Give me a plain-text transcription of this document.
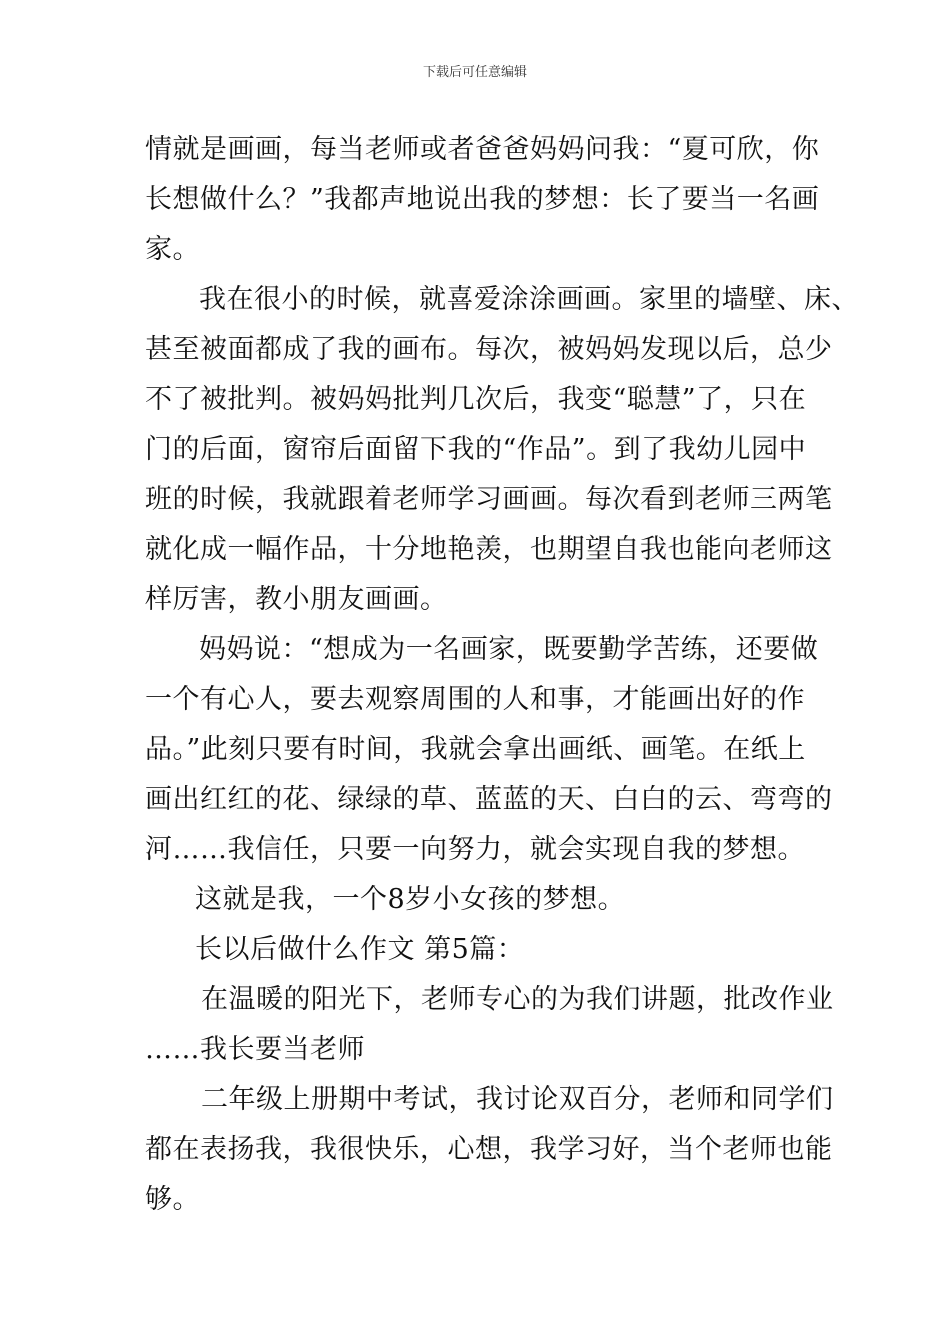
下载后可任意编辑
情就是画画，每当老师或者爸爸妈妈问我：“夏可欣，你
长想做什么？”我都声地说出我的梦想：长了要当一名画
家。
我在很小的时候，就喜爱涂涂画画。家里的墙壁、床、
甚至被面都成了我的画布。每次，被妈妈发现以后，总少
不了被批判。被妈妈批判几次后，我变“聪慧”了，只在
门的后面，窗帘后面留下我的“作品”。到了我幼儿园中
班的时候，我就跟着老师学习画画。每次看到老师三两笔
就化成一幅作品，十分地艳羡，也期望自我也能向老师这
样厉害，教小朋友画画。
妈妈说：“想成为一名画家，既要勤学苦练，还要做
一个有心人，要去观察周围的人和事，才能画出好的作
品。”此刻只要有时间，我就会拿出画纸、画笔。在纸上
画出红红的花、绿绿的草、蓝蓝的天、白白的云、弯弯的
河……我信任，只要一向努力，就会实现自我的梦想。
这就是我，一个8岁小女孩的梦想。
长以后做什么作文 第5篇：
在温暖的阳光下，老师专心的为我们讲题，批改作业
……我长要当老师
二年级上册期中考试，我讨论双百分，老师和同学们
都在表扬我，我很快乐，心想，我学习好，当个老师也能
够。
